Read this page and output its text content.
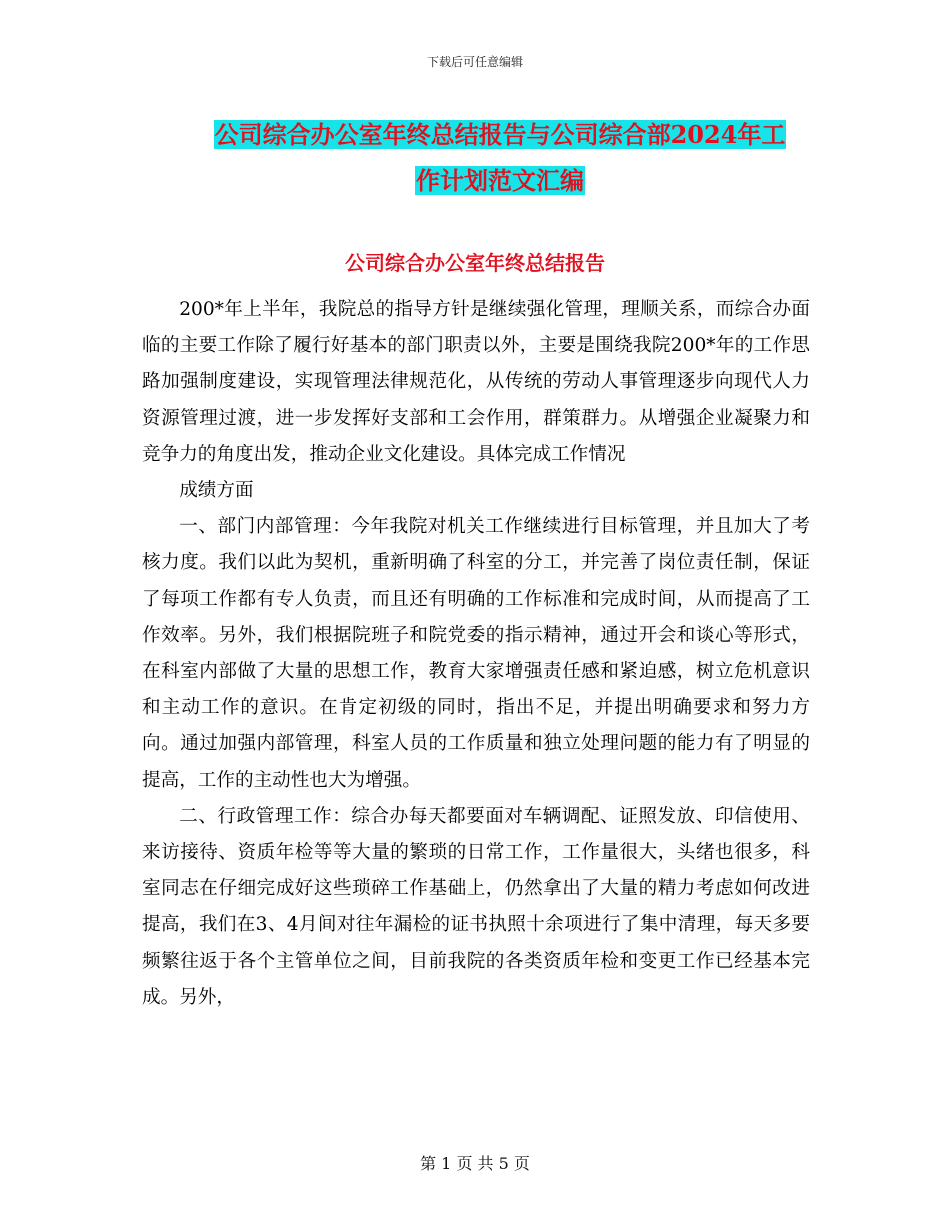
下载后可任意编辑
公司综合办公室年终总结报告与公司综合部2024年工
作计划范文汇编
公司综合办公室年终总结报告

200*年上半年，我院总的指导方针是继续强化管理，理顺关系，而综合办面临的主要工作除了履行好基本的部门职责以外，主要是围绕我院200*年的工作思路加强制度建设，实现管理法律规范化，从传统的劳动人事管理逐步向现代人力资源管理过渡，进一步发挥好支部和工会作用，群策群力。从增强企业凝聚力和竞争力的角度出发，推动企业文化建设。具体完成工作情况

成绩方面

一、部门内部管理：今年我院对机关工作继续进行目标管理，并且加大了考核力度。我们以此为契机，重新明确了科室的分工，并完善了岗位责任制，保证了每项工作都有专人负责，而且还有明确的工作标准和完成时间，从而提高了工作效率。另外，我们根据院班子和院党委的指示精神，通过开会和谈心等形式，在科室内部做了大量的思想工作，教育大家增强责任感和紧迫感，树立危机意识和主动工作的意识。在肯定初级的同时，指出不足，并提出明确要求和努力方向。通过加强内部管理，科室人员的工作质量和独立处理问题的能力有了明显的提高，工作的主动性也大为增强。

二、行政管理工作：综合办每天都要面对车辆调配、证照发放、印信使用、来访接待、资质年检等等大量的繁琐的日常工作，工作量很大，头绪也很多，科室同志在仔细完成好这些琐碎工作基础上，仍然拿出了大量的精力考虑如何改进提高，我们在3、4月间对往年漏检的证书执照十余项进行了集中清理，每天多要频繁往返于各个主管单位之间，目前我院的各类资质年检和变更工作已经基本完成。另外，

第 1 页 共 5 页
